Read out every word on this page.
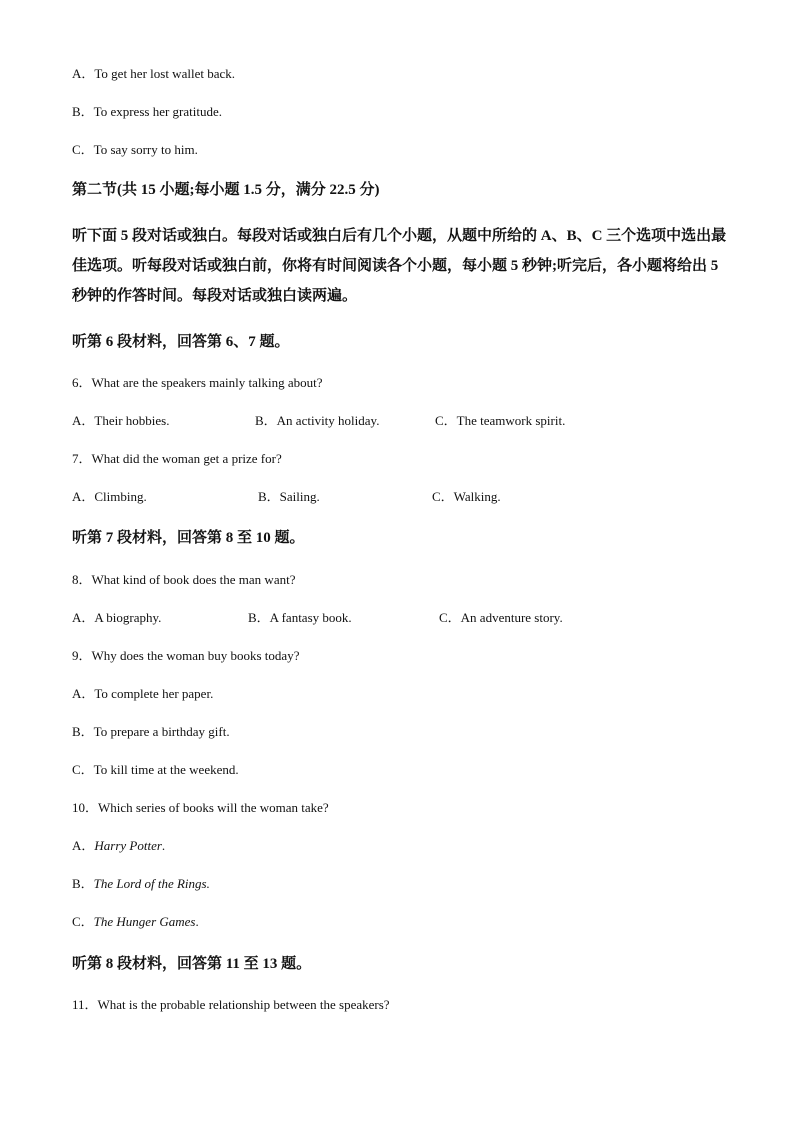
A．To get her lost wallet back.
B．To express her gratitude.
C．To say sorry to him.
第二节(共 15 小题;每小题 1.5 分，满分 22.5 分)
听下面 5 段对话或独白。每段对话或独白后有几个小题，从题中所给的 A、B、C 三个选项中选出最佳选项。听每段对话或独白前，你将有时间阅读各个小题，每小题 5 秒钟;听完后，各小题将给出 5 秒钟的作答时间。每段对话或独白读两遍。
听第 6 段材料，回答第 6、7 题。
6．What are the speakers mainly talking about?
A．Their hobbies.	B．An activity holiday.	C．The teamwork spirit.
7．What did the woman get a prize for?
A．Climbing.	B．Sailing.	C．Walking.
听第 7 段材料，回答第 8 至 10 题。
8．What kind of book does the man want?
A．A biography.	B．A fantasy book.	C．An adventure story.
9．Why does the woman buy books today?
A．To complete her paper.
B．To prepare a birthday gift.
C．To kill time at the weekend.
10．Which series of books will the woman take?
A．Harry Potter.
B．The Lord of the Rings.
C．The Hunger Games.
听第 8 段材料，回答第 11 至 13 题。
11．What is the probable relationship between the speakers?
